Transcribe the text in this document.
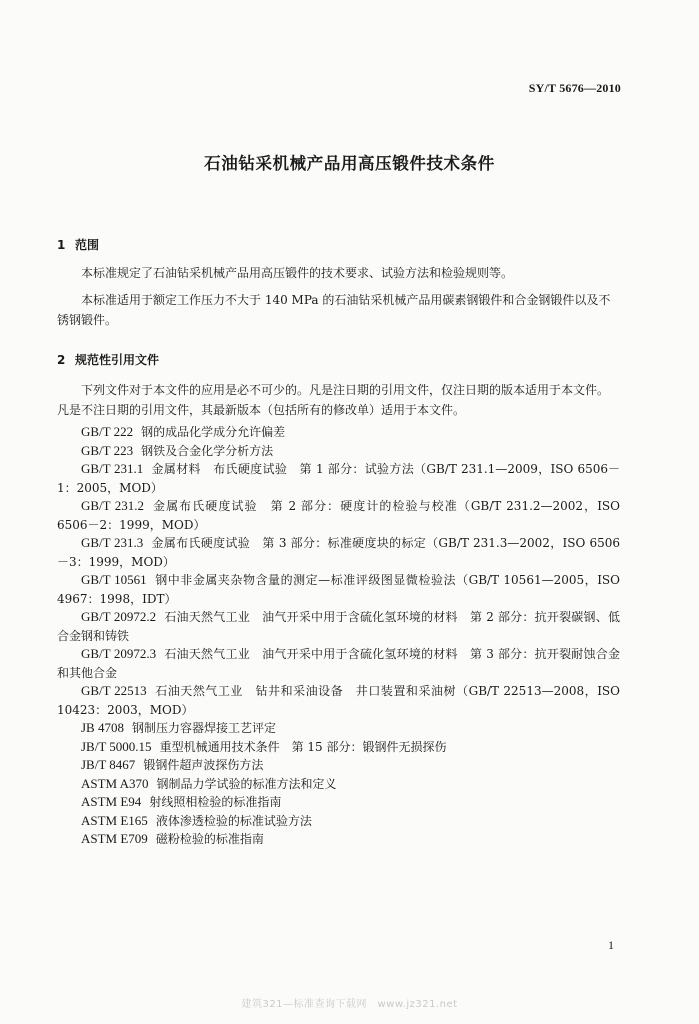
SY/T 5676—2010
石油钻采机械产品用高压锻件技术条件
1 范围
本标准规定了石油钻采机械产品用高压锻件的技术要求、试验方法和检验规则等。
本标准适用于额定工作压力不大于 140 MPa 的石油钻采机械产品用碳素钢锻件和合金钢锻件以及不锈钢锻件。
2 规范性引用文件
下列文件对于本文件的应用是必不可少的。凡是注日期的引用文件，仅注日期的版本适用于本文件。凡是不注日期的引用文件，其最新版本（包括所有的修改单）适用于本文件。
GB/T 222 钢的成品化学成分允许偏差
GB/T 223 钢铁及合金化学分析方法
GB/T 231.1 金属材料　布氏硬度试验　第 1 部分：试验方法（GB/T 231.1—2009，ISO 6506－1：2005，MOD）
GB/T 231.2 金属布氏硬度试验　第 2 部分：硬度计的检验与校准（GB/T 231.2—2002，ISO 6506－2：1999，MOD）
GB/T 231.3 金属布氏硬度试验　第 3 部分：标准硬度块的标定（GB/T 231.3—2002，ISO 6506－3：1999，MOD）
GB/T 10561 钢中非金属夹杂物含量的测定—标准评级图显微检验法（GB/T 10561—2005，ISO 4967：1998，IDT）
GB/T 20972.2 石油天然气工业　油气开采中用于含硫化氢环境的材料　第 2 部分：抗开裂碳钢、低合金钢和铸铁
GB/T 20972.3 石油天然气工业　油气开采中用于含硫化氢环境的材料　第 3 部分：抗开裂耐蚀合金和其他合金
GB/T 22513 石油天然气工业　钻井和采油设备　井口装置和采油树（GB/T 22513—2008，ISO 10423：2003，MOD）
JB 4708 钢制压力容器焊接工艺评定
JB/T 5000.15 重型机械通用技术条件　第 15 部分：锻钢件无损探伤
JB/T 8467 锻钢件超声波探伤方法
ASTM A370 钢制品力学试验的标准方法和定义
ASTM E94 射线照相检验的标准指南
ASTM E165 液体渗透检验的标准试验方法
ASTM E709 磁粉检验的标准指南
1
建筑321—标准查询下载网　www.jz321.net
